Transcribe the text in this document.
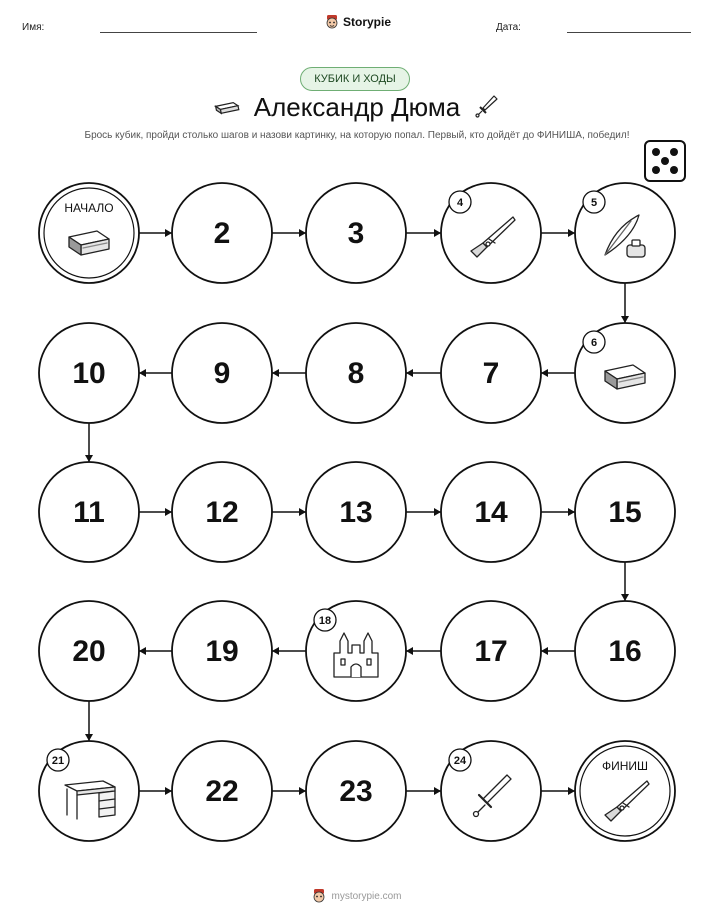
Имя:	Storypie	Дата:
КУБИК И ХОДЫ
Александр Дюма
Брось кубик, пройди столько шагов и назови картинку, на которую попал. Первый, кто дойдёт до ФИНИША, победил!
НАЧАЛО
2	3
4	5
6
7
8
9
10
11	12	13	14	15
16
17
18
19
20
21
22	23
24	ФИНИШ
mystorypie.com
